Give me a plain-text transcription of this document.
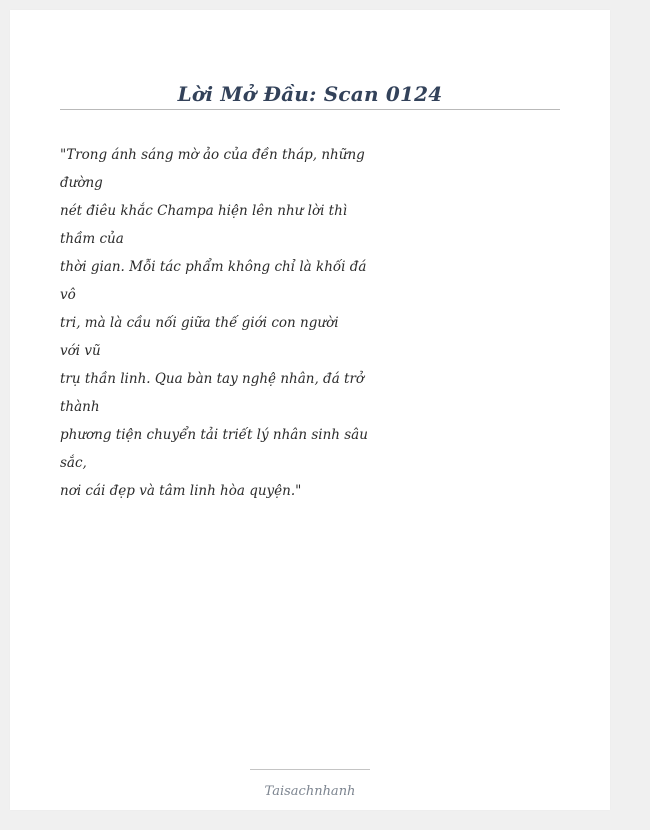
Lời Mở Đầu: Scan 0124
"Trong ánh sáng mờ ảo của đền tháp, những
đường
nét điêu khắc Champa hiện lên như lời thì
thầm của
thời gian. Mỗi tác phẩm không chỉ là khối đá
vô
tri, mà là cầu nối giữa thế giới con người
với vũ
trụ thần linh. Qua bàn tay nghệ nhân, đá trở
thành
phương tiện chuyển tải triết lý nhân sinh sâu
sắc,
nơi cái đẹp và tâm linh hòa quyện."
Taisachnhanh
